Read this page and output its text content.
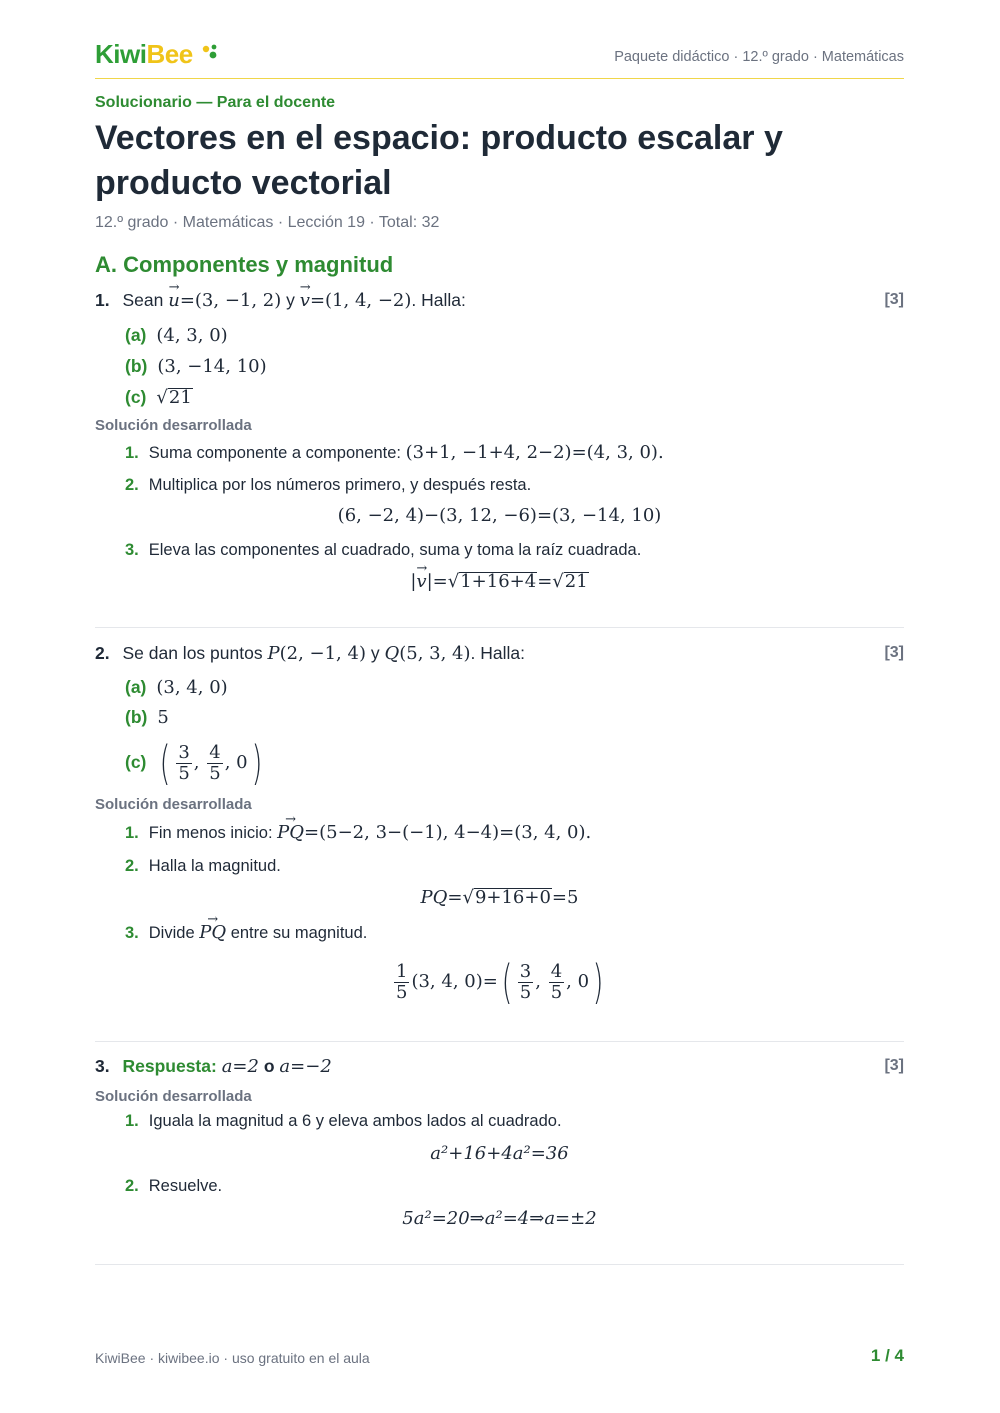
KiwiBee	Paquete didáctico · 12.º grado · Matemáticas
Solucionario — Para el docente
Vectores en el espacio: producto escalar y producto vectorial
12.º grado · Matemáticas · Lección 19 · Total: 32
A. Componentes y magnitud
1. Sean → u=(3, −1, 2) y → v=(1, 4, −2). Halla:	[3]
(a) (4, 3, 0)
(b) (3, −14, 10)
(c) √21
Solución desarrollada
1. Suma componente a componente: (3+1, −1+4, 2−2)=(4, 3, 0).
2. Multiplica por los números primero, y después resta.
(6, −2, 4)−(3, 12, −6)=(3, −14, 10)
3. Eleva las componentes al cuadrado, suma y toma la raíz cuadrada.
|→ v|=√1+16+4=√21
2. Se dan los puntos P(2, −1, 4) y Q(5, 3, 4). Halla:	[3]
(a) (3, 4, 0)
(b) 5
(c) ( $\frac{3}{5}$ , $\frac{4}{5}$ , 0)
Solución desarrollada
1. Fin menos inicio: → PQ=(5−2, 3−(−1), 4−4)=(3, 4, 0).
2. Halla la magnitud.
PQ=√9+16+0=5
3. Divide → PQ entre su magnitud.
$\frac{1}{5} (3$, 4, $0)=( \frac{3}{5}$ , $\frac{4}{5}$ , 0)
3. Respuesta: a=2 o a=−2	[3]
Solución desarrollada
1. Iguala la magnitud a 6 y eleva ambos lados al cuadrado.
a²+16+4a²=36
2. Resuelve.
5a²=20⇒a²=4⇒a=±2
KiwiBee · kiwibee.io · uso gratuito en el aula	1 / 4
